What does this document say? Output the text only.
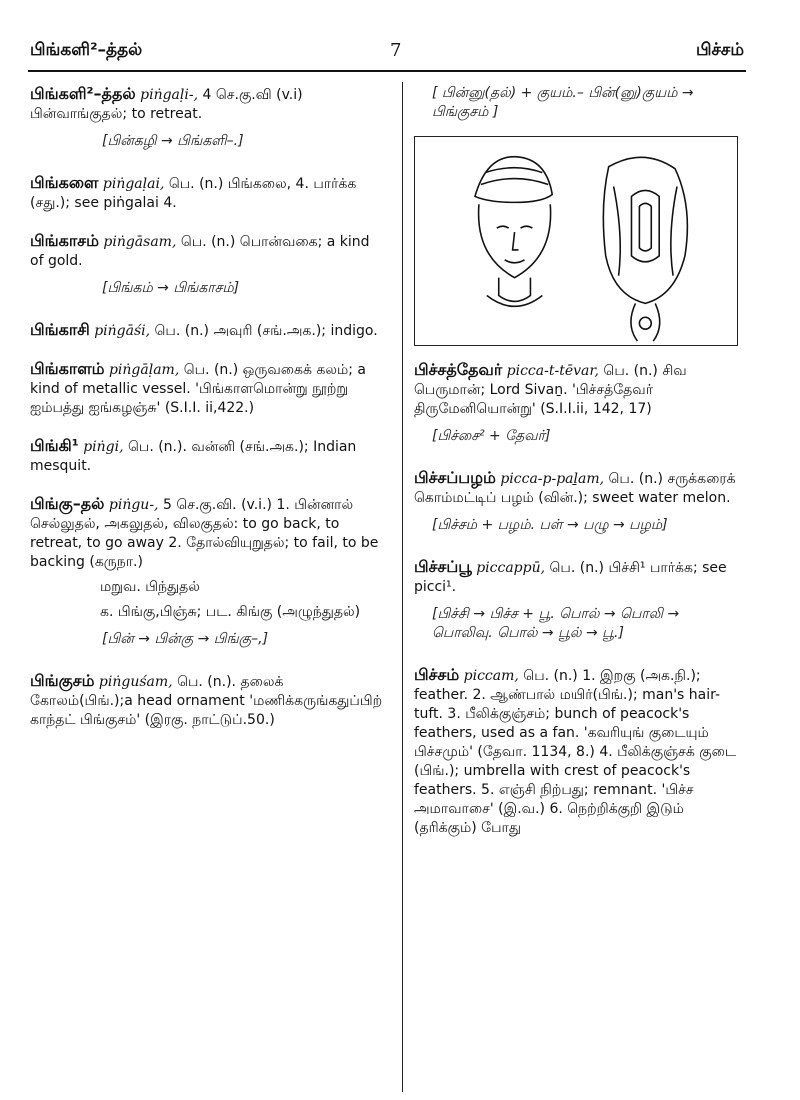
பிங்களி²–த்தல்	7	பிச்சம்

பிங்களி²–த்தல் piṅgaḷi-, 4 செ.கு.வி (v.i) பின்வாங்குதல்; to retreat.

[பின்கழி → பிங்களி–.]

பிங்களை piṅgaḷai, பெ. (n.) பிங்கலை, 4. பார்க்க (சது.); see piṅgalai 4.

பிங்காசம் piṅgāsam, பெ. (n.) பொன்வகை; a kind of gold.

[பிங்கம் → பிங்காசம்]

பிங்காசி piṅgāśi, பெ. (n.) அவுரி (சங்.அக.); indigo.

பிங்காளம் piṅgāḷam, பெ. (n.) ஒருவகைக் கலம்; a kind of metallic vessel. 'பிங்காளமொன்று நூற்று ஐம்பத்து ஐங்கழஞ்சு' (S.I.I. ii,422.)

பிங்கி¹ piṅgi, பெ. (n.). வன்னி (சங்.அக.); Indian mesquit.

பிங்கு–தல் piṅgu-, 5 செ.கு.வி. (v.i.) 1. பின்னால் செல்லுதல், அகலுதல், விலகுதல்: to go back, to retreat, to go away 2. தோல்வியுறுதல்; to fail, to be backing (கருநா.)

மறுவ. பிந்துதல்

க. பிங்கு,பிஞ்சு; பட. கிங்கு (அழுந்துதல்)

[பின் → பின்கு → பிங்கு–,]

பிங்குசம் piṅguśam, பெ. (n.). தலைக் கோலம்(பிங்.);a head ornament 'மணிக்கருங்கதுப்பிற் காந்தட் பிங்குசம்' (இரகு. நாட்டுப்.50.)

[ பின்னு(தல்) + குயம்.– பின்(னு)குயம் → பிங்குசம் ]

பிச்சத்தேவர் picca-t-tēvar, பெ. (n.) சிவ பெருமான்; Lord Sivaṉ. 'பிச்சத்தேவர் திருமேனியொன்று' (S.I.I.ii, 142, 17)

[பிச்சை² + தேவர்]

பிச்சப்பழம் picca-p-paḻam, பெ. (n.) சருக்கரைக் கொம்மட்டிப் பழம் (வின்.); sweet water melon.

[பிச்சம் + பழம். பள் → பழு → பழம்]

பிச்சப்பூ piccappū, பெ. (n.) பிச்சி¹ பார்க்க; see picci¹.

[பிச்சி → பிச்ச + பூ. பொல் → பொலி → பொலிவு. பொல் → பூல் → பூ.]

பிச்சம் piccam, பெ. (n.) 1. இறகு (அக.நி.); feather. 2. ஆண்பால் மயிர்(பிங்.); man's hair-tuft. 3. பீலிக்குஞ்சம்; bunch of peacock's feathers, used as a fan. 'கவரியுங் குடையும் பிச்சமும்' (தேவா. 1134, 8.) 4. பீலிக்குஞ்சக் குடை (பிங்.); umbrella with crest of peacock's feathers. 5. எஞ்சி நிற்பது; remnant. 'பிச்ச அமாவாசை' (இ.வ.) 6. நெற்றிக்குறி இடும் (தரிக்கும்) போது
